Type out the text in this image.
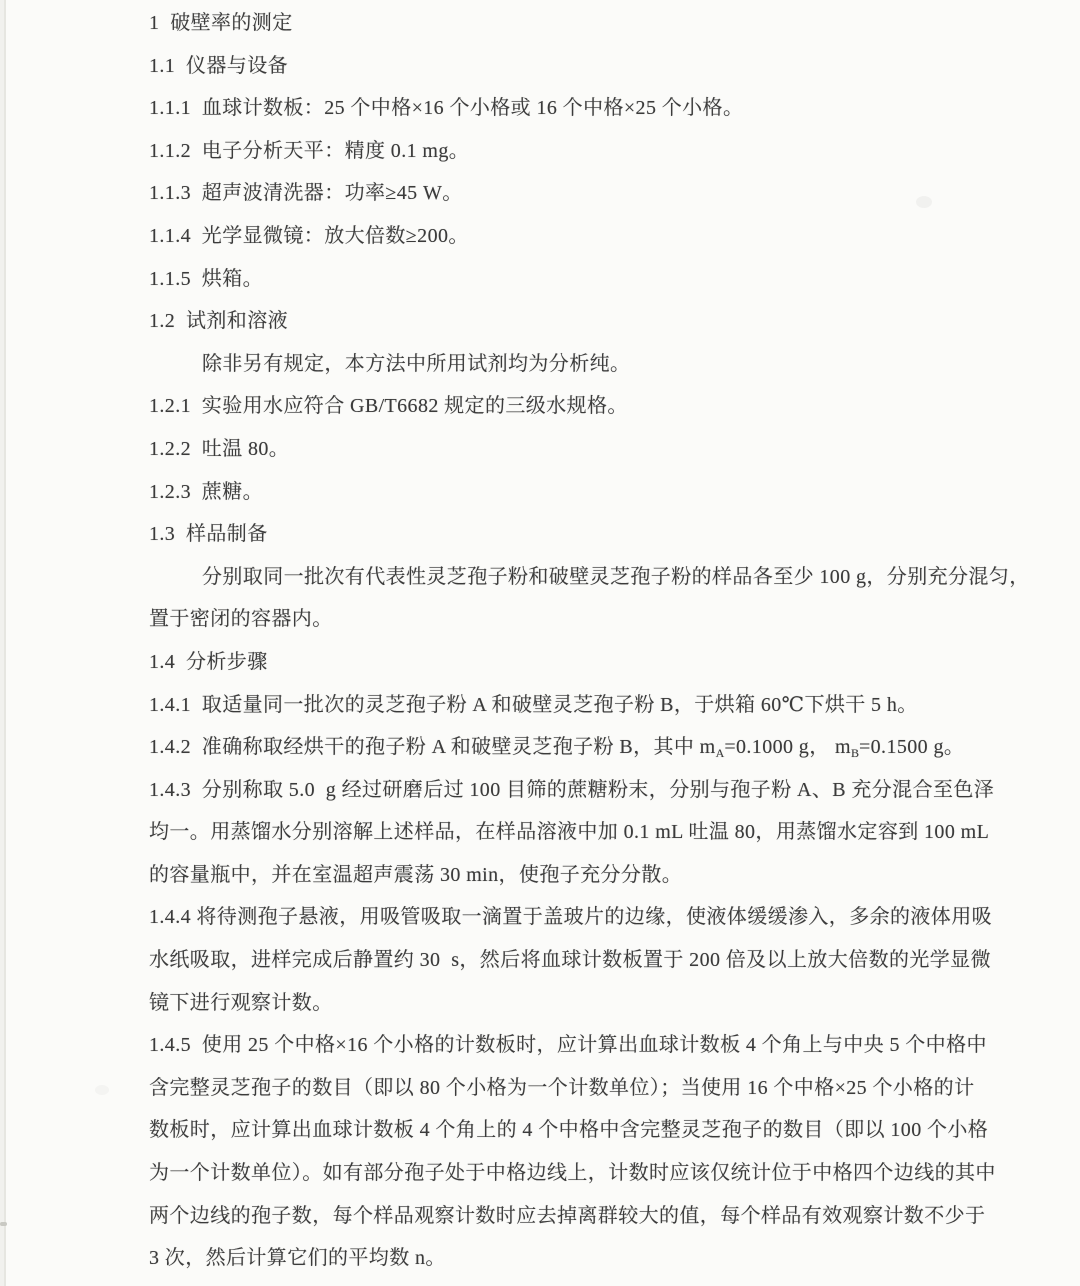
1  破壁率的测定
1.1  仪器与设备
1.1.1  血球计数板：25 个中格×16 个小格或 16 个中格×25 个小格。
1.1.2  电子分析天平：精度 0.1 mg。
1.1.3  超声波清洗器：功率≥45 W。
1.1.4  光学显微镜：放大倍数≥200。
1.1.5  烘箱。
1.2  试剂和溶液
除非另有规定，本方法中所用试剂均为分析纯。
1.2.1  实验用水应符合 GB/T6682 规定的三级水规格。
1.2.2  吐温 80。
1.2.3  蔗糖。
1.3  样品制备
分别取同一批次有代表性灵芝孢子粉和破壁灵芝孢子粉的样品各至少 100 g，分别充分混匀，
置于密闭的容器内。
1.4  分析步骤
1.4.1  取适量同一批次的灵芝孢子粉 A 和破壁灵芝孢子粉 B，于烘箱 60℃下烘干 5 h。
1.4.2  准确称取经烘干的孢子粉 A 和破壁灵芝孢子粉 B，其中 $m_A=0.1000$ g， $m_B=0.1500$ g。
1.4.3  分别称取 5.0  g 经过研磨后过 100 目筛的蔗糖粉末，分别与孢子粉 A、B 充分混合至色泽
均一。用蒸馏水分别溶解上述样品，在样品溶液中加 0.1 mL 吐温 80，用蒸馏水定容到 100 mL
的容量瓶中，并在室温超声震荡 30 min，使孢子充分分散。
1.4.4 将待测孢子悬液，用吸管吸取一滴置于盖玻片的边缘，使液体缓缓渗入，多余的液体用吸
水纸吸取，进样完成后静置约 30  s，然后将血球计数板置于 200 倍及以上放大倍数的光学显微
镜下进行观察计数。
1.4.5  使用 25 个中格×16 个小格的计数板时，应计算出血球计数板 4 个角上与中央 5 个中格中
含完整灵芝孢子的数目（即以 80 个小格为一个计数单位）；当使用 16 个中格×25 个小格的计
数板时，应计算出血球计数板 4 个角上的 4 个中格中含完整灵芝孢子的数目（即以 100 个小格
为一个计数单位）。如有部分孢子处于中格边线上，计数时应该仅统计位于中格四个边线的其中
两个边线的孢子数，每个样品观察计数时应去掉离群较大的值，每个样品有效观察计数不少于
3 次，然后计算它们的平均数 n。
